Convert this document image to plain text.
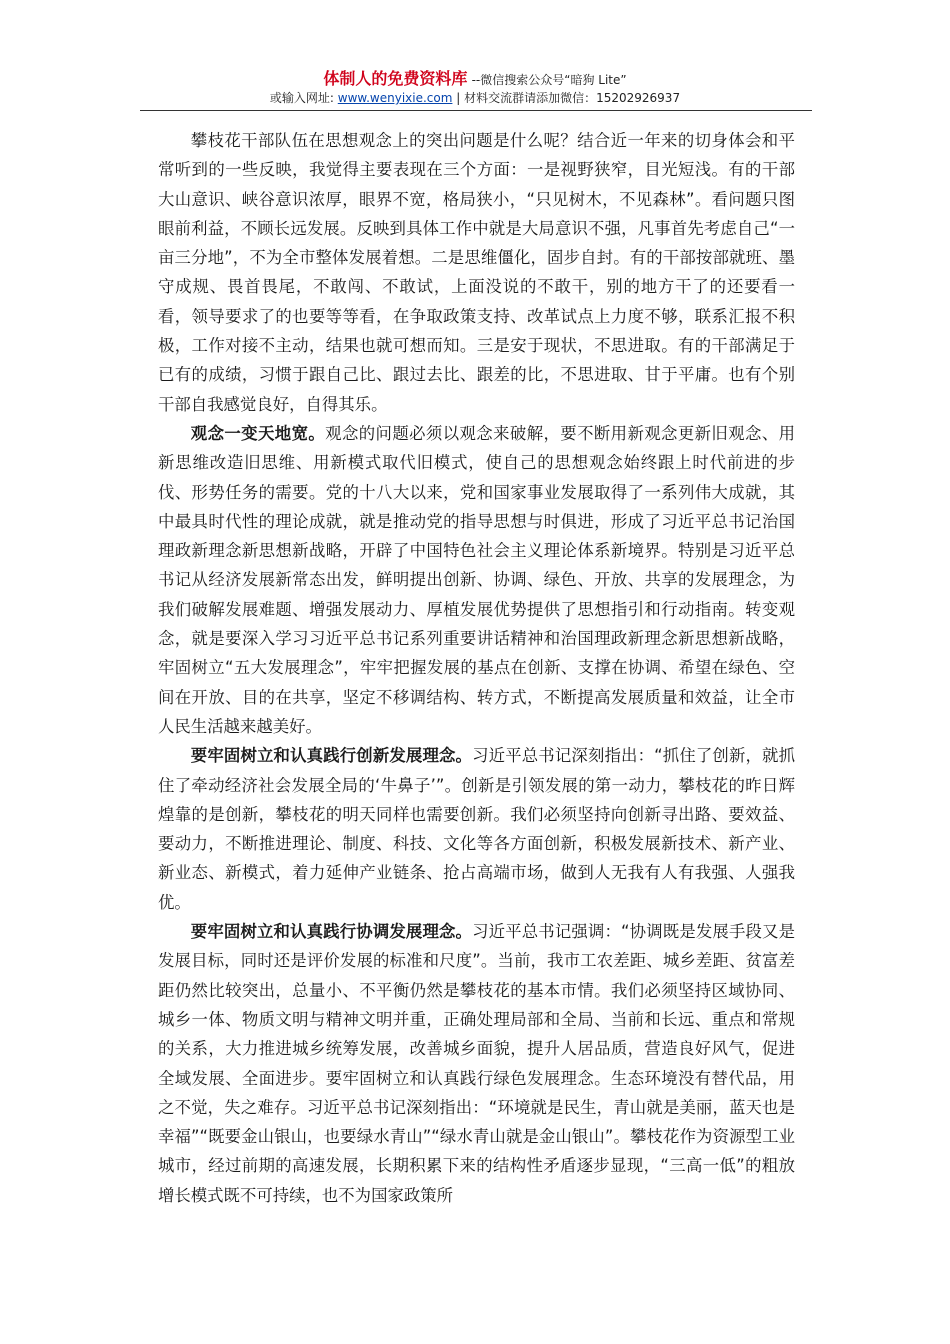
体制人的免费资料库 --微信搜索公众号“暗狗 Lite”
或输入网址: www.wenyixie.com | 材料交流群请添加微信：15202926937

攀枝花干部队伍在思想观念上的突出问题是什么呢？结合近一年来的切身体会和平常听到的一些反映，我觉得主要表现在三个方面：一是视野狭窄，目光短浅。有的干部大山意识、峡谷意识浓厚，眼界不宽，格局狭小，“只见树木，不见森林”。看问题只图眼前利益，不顾长远发展。反映到具体工作中就是大局意识不强，凡事首先考虑自己“一亩三分地”，不为全市整体发展着想。二是思维僵化，固步自封。有的干部按部就班、墨守成规、畏首畏尾，不敢闯、不敢试，上面没说的不敢干，别的地方干了的还要看一看，领导要求了的也要等等看，在争取政策支持、改革试点上力度不够，联系汇报不积极，工作对接不主动，结果也就可想而知。三是安于现状，不思进取。有的干部满足于已有的成绩，习惯于跟自己比、跟过去比、跟差的比，不思进取、甘于平庸。也有个别干部自我感觉良好，自得其乐。

观念一变天地宽。观念的问题必须以观念来破解，要不断用新观念更新旧观念、用新思维改造旧思维、用新模式取代旧模式，使自己的思想观念始终跟上时代前进的步伐、形势任务的需要。党的十八大以来，党和国家事业发展取得了一系列伟大成就，其中最具时代性的理论成就，就是推动党的指导思想与时俱进，形成了习近平总书记治国理政新理念新思想新战略，开辟了中国特色社会主义理论体系新境界。特别是习近平总书记从经济发展新常态出发，鲜明提出创新、协调、绿色、开放、共享的发展理念，为我们破解发展难题、增强发展动力、厚植发展优势提供了思想指引和行动指南。转变观念，就是要深入学习习近平总书记系列重要讲话精神和治国理政新理念新思想新战略，牢固树立“五大发展理念”，牢牢把握发展的基点在创新、支撑在协调、希望在绿色、空间在开放、目的在共享，坚定不移调结构、转方式，不断提高发展质量和效益，让全市人民生活越来越美好。

要牢固树立和认真践行创新发展理念。习近平总书记深刻指出：“抓住了创新，就抓住了牵动经济社会发展全局的‘牛鼻子’”。创新是引领发展的第一动力，攀枝花的昨日辉煌靠的是创新，攀枝花的明天同样也需要创新。我们必须坚持向创新寻出路、要效益、要动力，不断推进理论、制度、科技、文化等各方面创新，积极发展新技术、新产业、新业态、新模式，着力延伸产业链条、抢占高端市场，做到人无我有人有我强、人强我优。

要牢固树立和认真践行协调发展理念。习近平总书记强调：“协调既是发展手段又是发展目标，同时还是评价发展的标准和尺度”。当前，我市工农差距、城乡差距、贫富差距仍然比较突出，总量小、不平衡仍然是攀枝花的基本市情。我们必须坚持区域协同、城乡一体、物质文明与精神文明并重，正确处理局部和全局、当前和长远、重点和常规的关系，大力推进城乡统筹发展，改善城乡面貌，提升人居品质，营造良好风气，促进全域发展、全面进步。要牢固树立和认真践行绿色发展理念。生态环境没有替代品，用之不觉，失之难存。习近平总书记深刻指出：“环境就是民生，青山就是美丽，蓝天也是幸福”“既要金山银山，也要绿水青山”“绿水青山就是金山银山”。攀枝花作为资源型工业城市，经过前期的高速发展，长期积累下来的结构性矛盾逐步显现，“三高一低”的粗放增长模式既不可持续，也不为国家政策所
